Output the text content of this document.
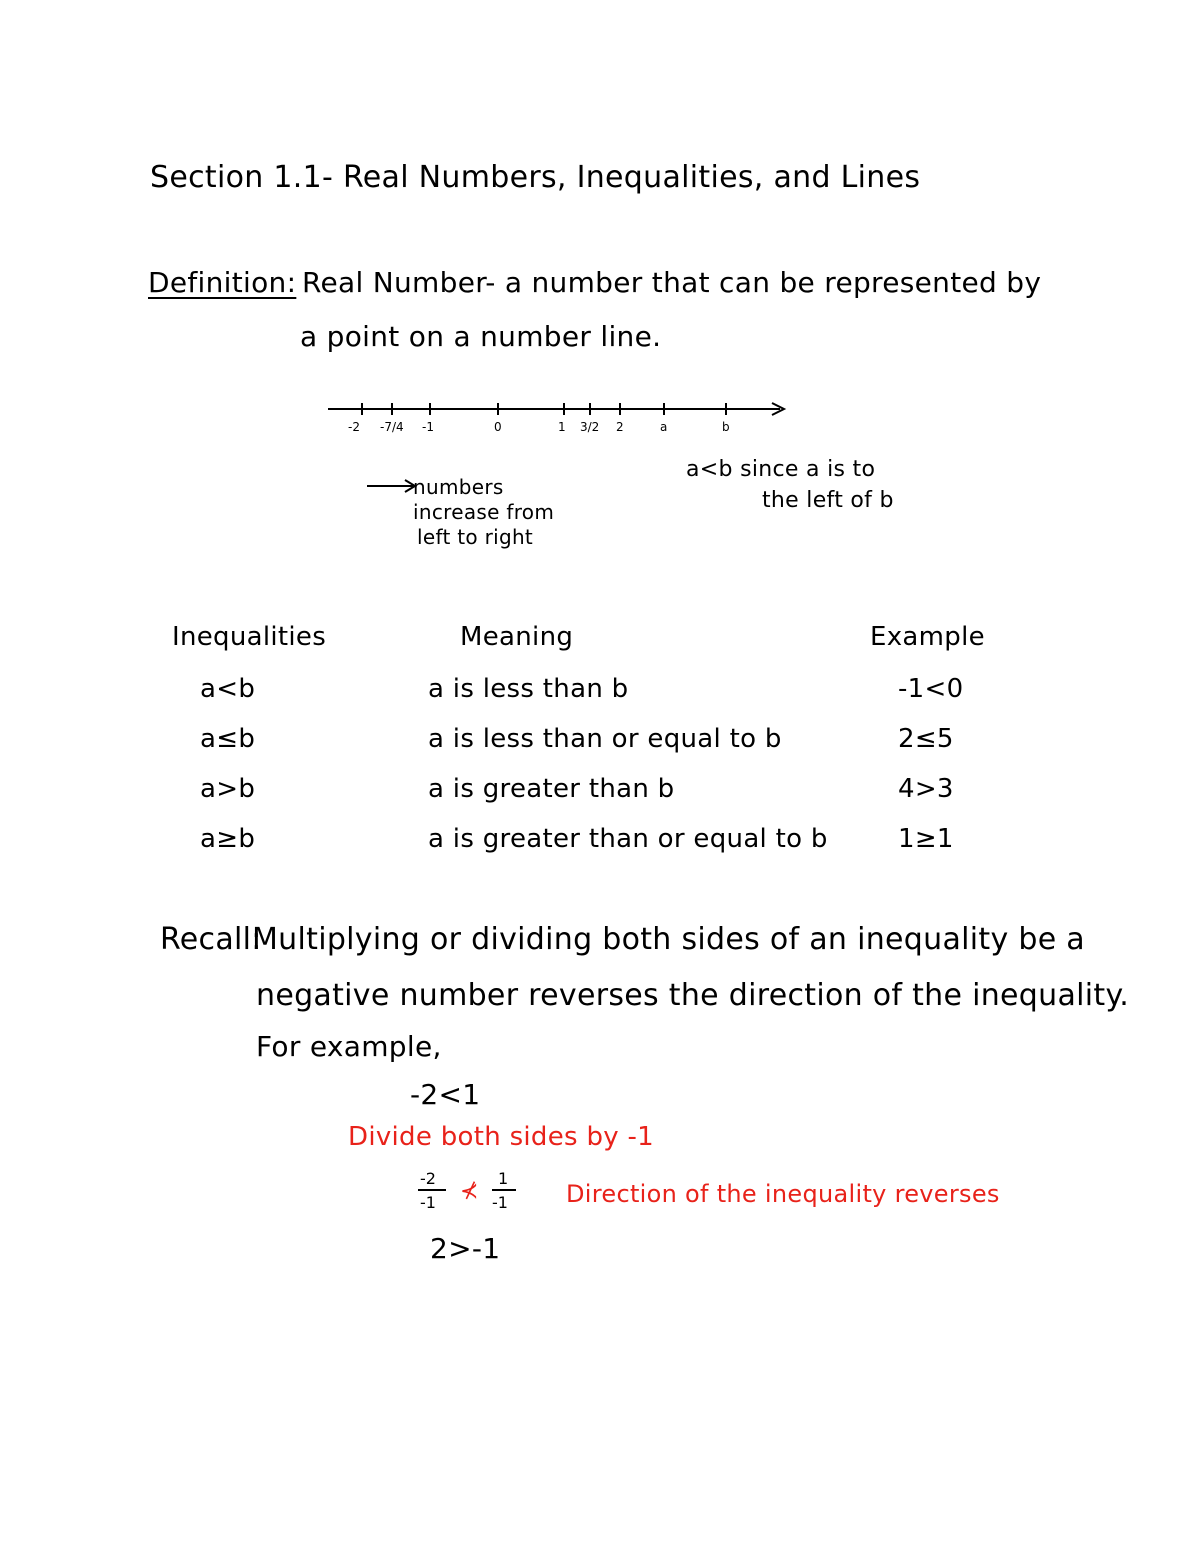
Section 1.1- Real Numbers, Inequalities, and Lines
Definition: Real Number- a number that can be represented by
a point on a number line.
-2 -7/4 -1	0	1 3/2 2	a	b
numbers
increase from
left to right
a<b since a is to
the left of b
Inequalities	Meaning	Example
a<b	a is less than b	-1<0
a≤b	a is less than or equal to b	2≤5
a>b	a is greater than b	4>3
a≥b	a is greater than or equal to b	1≥1
Recall:
Multiplying or dividing both sides of an inequality be a
negative number reverses the direction of the inequality.
For example,
-2<1
Divide both sides by -1
-2
-1 ⊀
1
-1 Direction of the inequality reverses
2>-1
